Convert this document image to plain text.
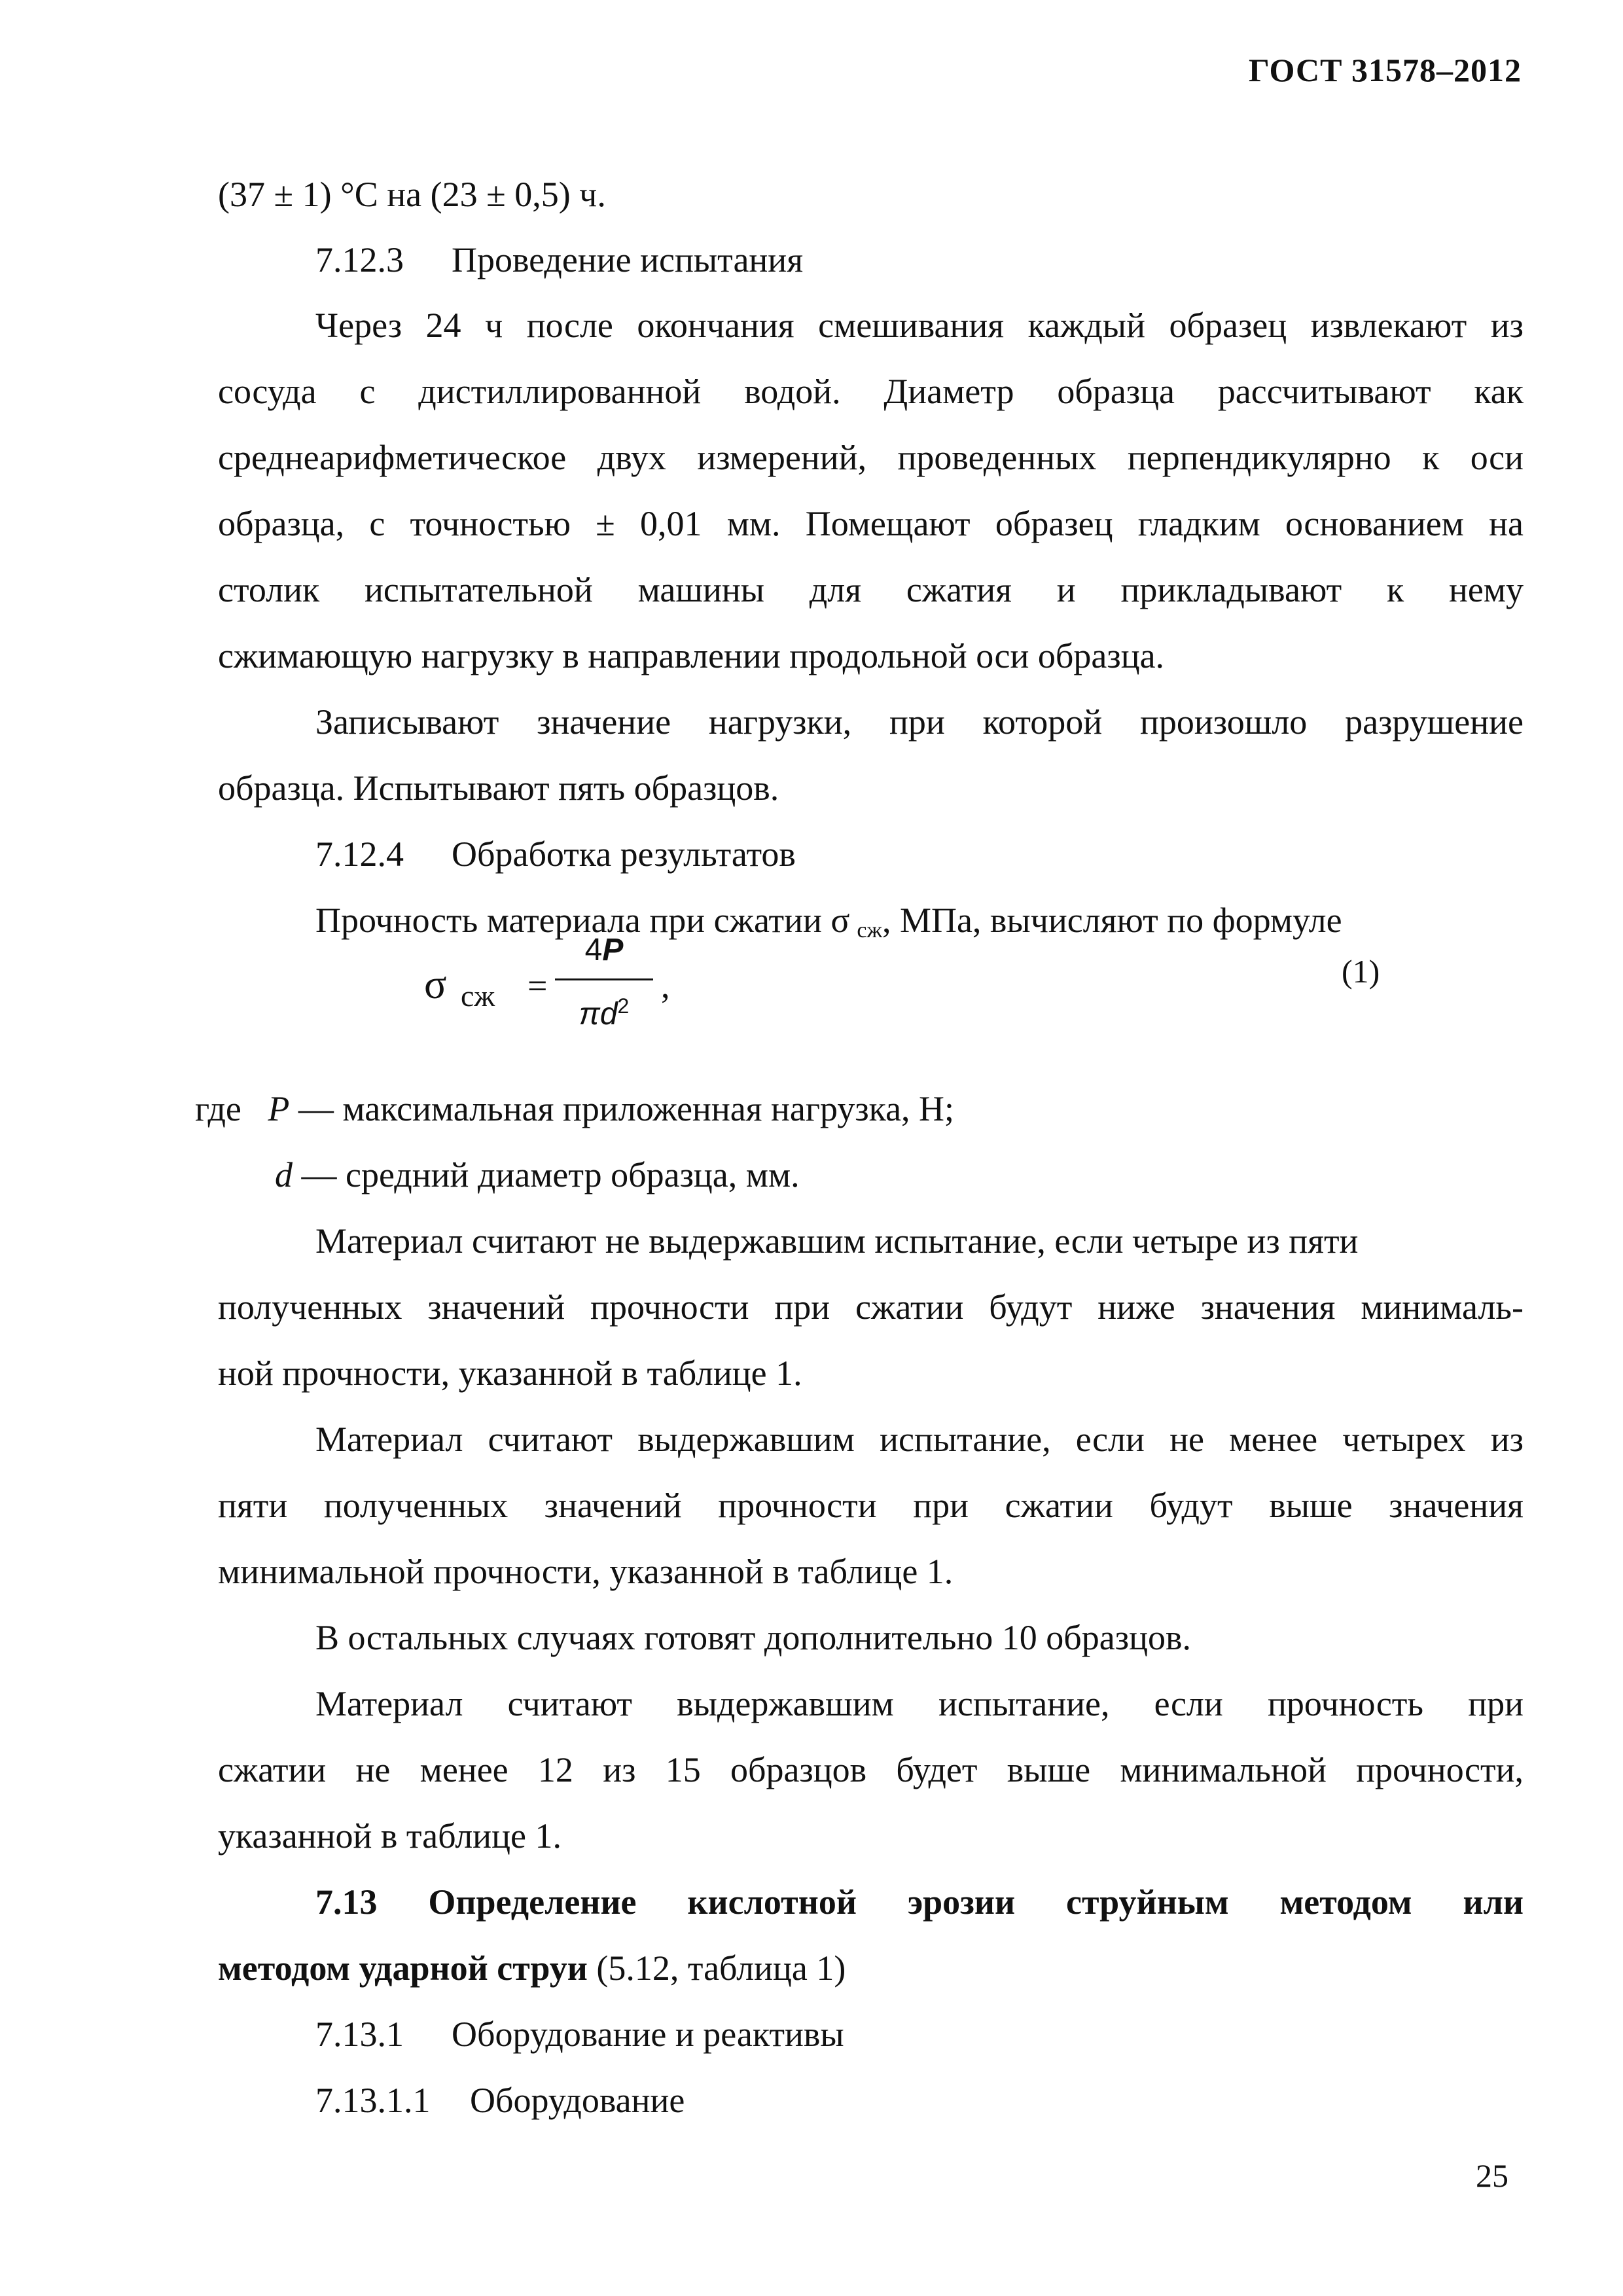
ГОСТ 31578–2012

(37 ± 1) °C на (23 ± 0,5) ч.

7.12.3 Проведение испытания

Через 24 ч после окончания смешивания каждый образец извлекают из

сосуда с дистиллированной водой. Диаметр образца рассчитывают как

среднеарифметическое двух измерений, проведенных перпендикулярно к оси

образца, с точностью ± 0,01 мм. Помещают образец гладким основанием на

столик испытательной машины для сжатия и прикладывают к нему

сжимающую нагрузку в направлении продольной оси образца.

Записывают значение нагрузки, при которой произошло разрушение

образца. Испытывают пять образцов.

7.12.4 Обработка результатов

Прочность материала при сжатии σ  $_{сж}$, МПа, вычисляют по формуле

σ сж =
4P
$\pi d^2$
,	(1)

где P — максимальная приложенная нагрузка, Н;

d — средний диаметр образца, мм.

Материал считают не выдержавшим испытание, если четыре из пяти

полученных значений прочности при сжатии будут ниже значения минималь-

ной прочности, указанной в таблице 1.

Материал считают выдержавшим испытание, если не менее четырех из

пяти полученных значений прочности при сжатии будут выше значения

минимальной прочности, указанной в таблице 1.

В остальных случаях готовят дополнительно 10 образцов.

Материал считают выдержавшим испытание, если прочность при

сжатии не менее 12 из 15 образцов будет выше минимальной прочности,

указанной в таблице 1.

7.13 Определение кислотной эрозии струйным методом или

методом ударной струи (5.12, таблица 1)

7.13.1 Оборудование и реактивы

7.13.1.1 Оборудование

25
